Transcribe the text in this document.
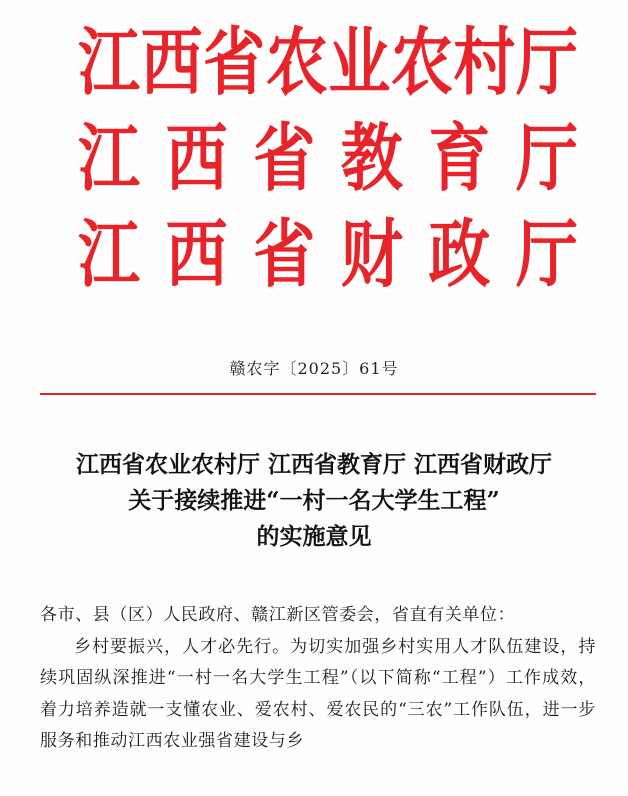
江 西 省 农 业 农 村 厅
江 西 省 教 育 厅
江 西 省 财 政 厅
赣农字〔2025〕61号
江西省农业农村厅 江西省教育厅 江西省财政厅
关于接续推进“一村一名大学生工程”
的实施意见

各市、县（区）人民政府、赣江新区管委会，省直有关单位：

乡村要振兴，人才必先行。为切实加强乡村实用人才队伍建设，持续巩固纵深推进“一村一名大学生工程”（以下简称“工程”）工作成效，着力培养造就一支懂农业、爱农村、爱农民的“三农”工作队伍，进一步服务和推动江西农业强省建设与乡
